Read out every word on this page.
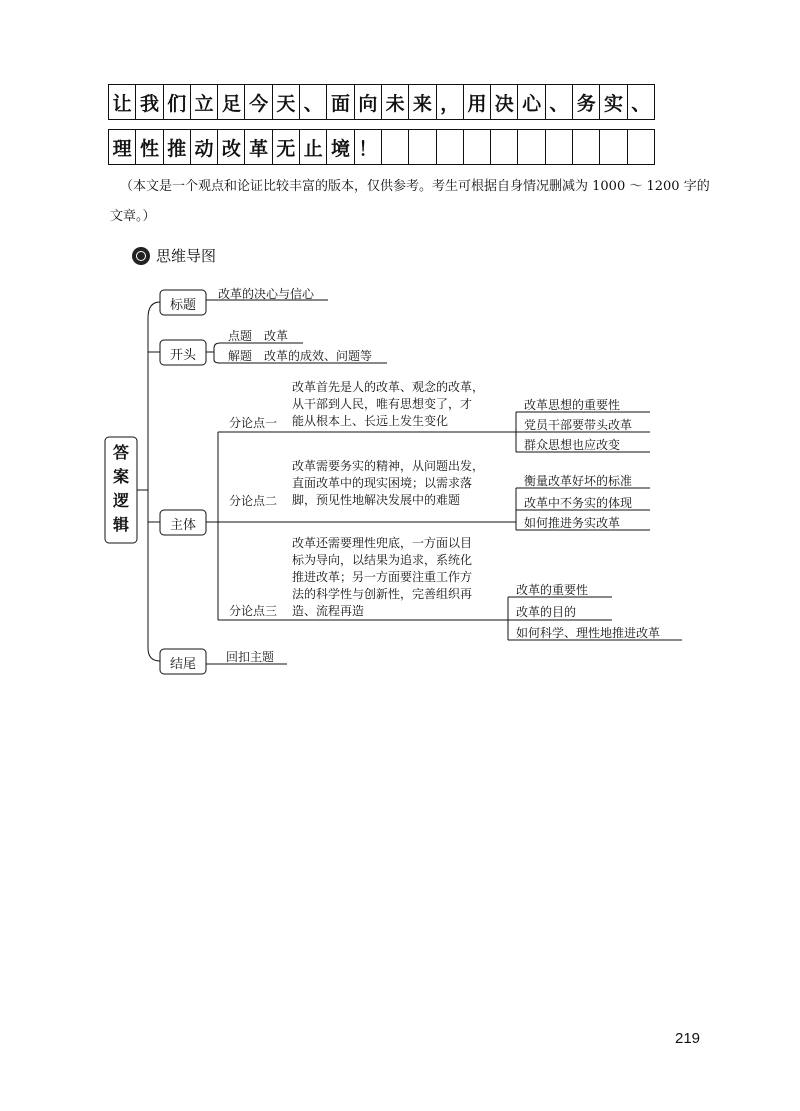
让	我	们	立	足	今	天	、	面	向	未	来	，	用	决	心	、	务	实	、
理	性	推	动	改	革	无	止	境	！										
（本文是一个观点和论证比较丰富的版本，仅供参考。考生可根据自身情况删减为 1000 ～ 1200 字的文章。）
思维导图
答
案
逻
辑
标题
开头
主体
结尾
改革的决心与信心
点题　改革
解题　改革的成效、问题等
分论点一
改革首先是人的改革、观念的改革，
从干部到人民，唯有思想变了，才
能从根本上、长远上发生变化
改革思想的重要性
党员干部要带头改革
群众思想也应改变
分论点二
改革需要务实的精神，从问题出发，
直面改革中的现实困境；以需求落
脚，预见性地解决发展中的难题
衡量改革好坏的标准
改革中不务实的体现
如何推进务实改革
分论点三
改革还需要理性兜底，一方面以目
标为导向，以结果为追求，系统化
推进改革；另一方面要注重工作方
法的科学性与创新性，完善组织再
造、流程再造
改革的重要性
改革的目的
如何科学、理性地推进改革
回扣主题
219
